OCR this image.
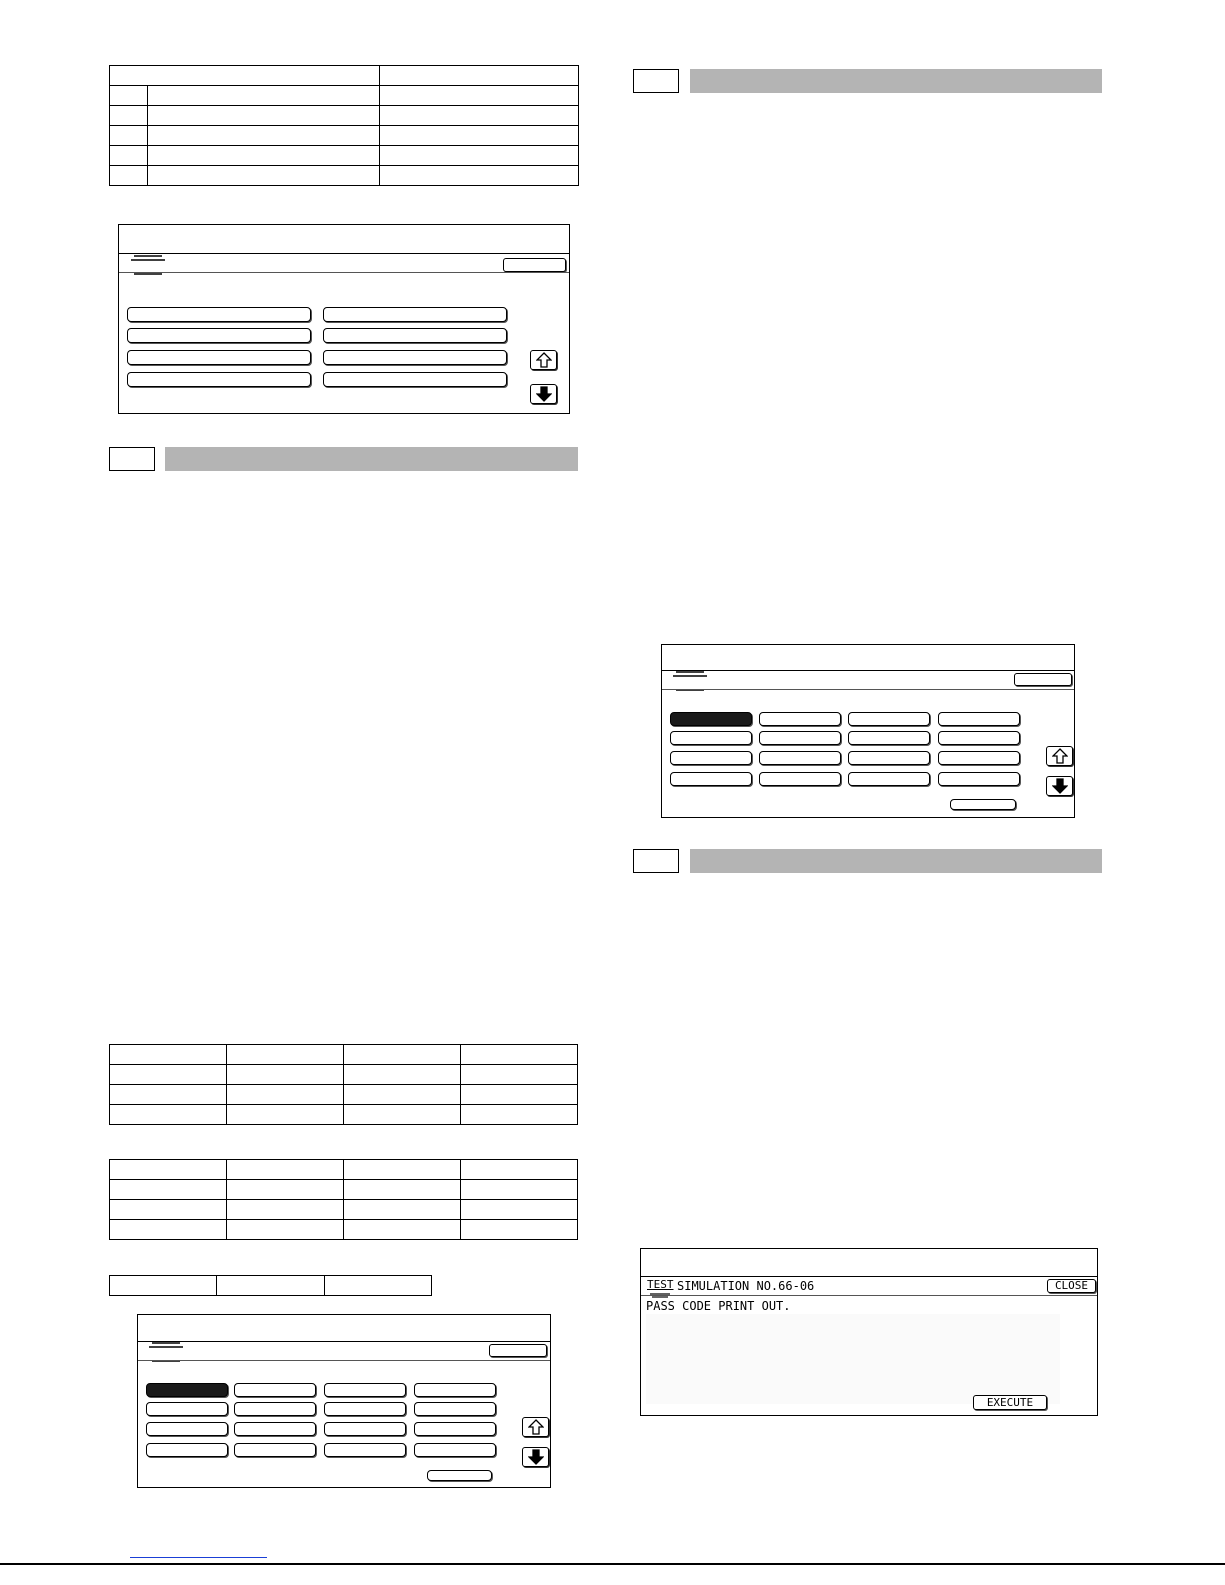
TEST SIMULATION NO.66-06	CLOSE
PASS CODE PRINT OUT.
EXECUTE
